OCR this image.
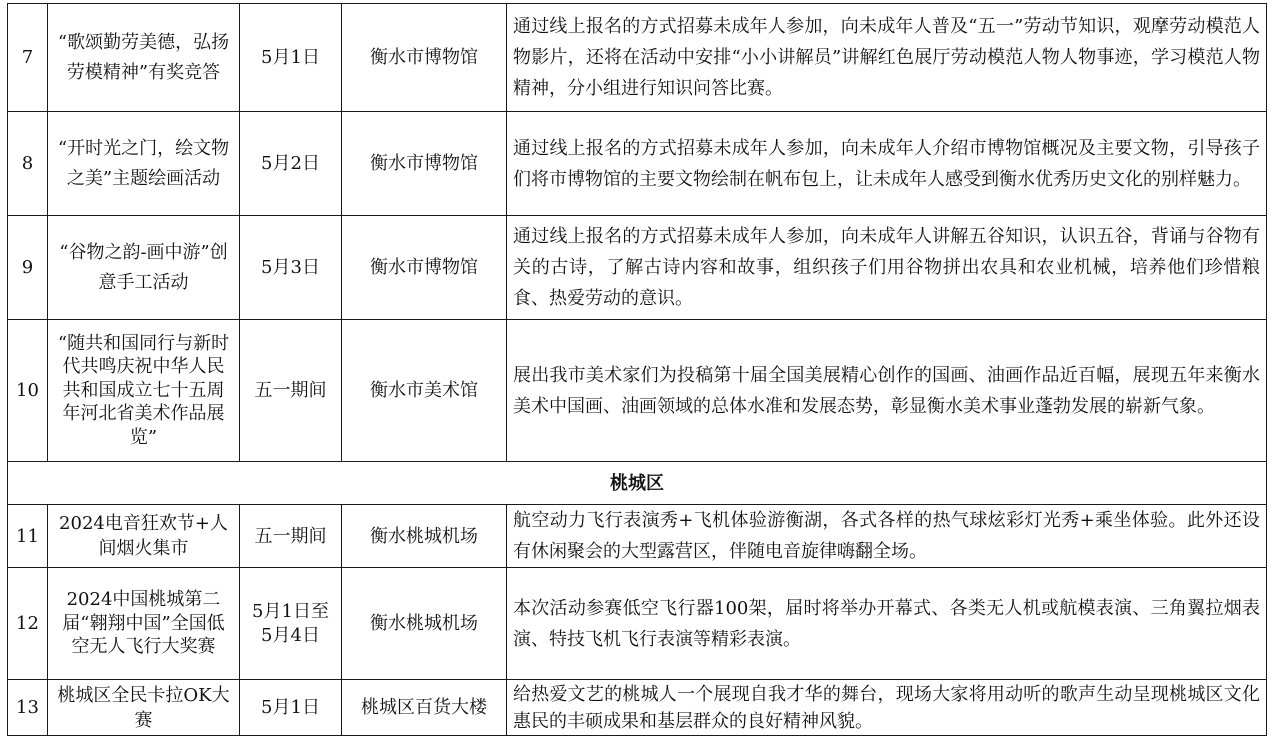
7	“歌颂勤劳美德，弘扬劳模精神”有奖竞答	5月1日	衡水市博物馆	通过线上报名的方式招募未成年人参加，向未成年人普及“五一”劳动节知识，观摩劳动模范人物影片，还将在活动中安排“小小讲解员”讲解红色展厅劳动模范人物人物事迹，学习模范人物精神，分小组进行知识问答比赛。
8	“开时光之门，绘文物之美”主题绘画活动	5月2日	衡水市博物馆	通过线上报名的方式招募未成年人参加，向未成年人介绍市博物馆概况及主要文物，引导孩子们将市博物馆的主要文物绘制在帆布包上，让未成年人感受到衡水优秀历史文化的别样魅力。
9	“谷物之韵-画中游”创意手工活动	5月3日	衡水市博物馆	通过线上报名的方式招募未成年人参加，向未成年人讲解五谷知识，认识五谷，背诵与谷物有关的古诗，了解古诗内容和故事，组织孩子们用谷物拼出农具和农业机械，培养他们珍惜粮食、热爱劳动的意识。
10	“随共和国同行与新时代共鸣庆祝中华人民共和国成立七十五周年河北省美术作品展览”	五一期间	衡水市美术馆	展出我市美术家们为投稿第十届全国美展精心创作的国画、油画作品近百幅，展现五年来衡水美术中国画、油画领域的总体水准和发展态势，彰显衡水美术事业蓬勃发展的崭新气象。
桃城区				
11	2024电音狂欢节+人间烟火集市	五一期间	衡水桃城机场	航空动力飞行表演秀+飞机体验游衡湖，各式各样的热气球炫彩灯光秀+乘坐体验。此外还设有休闲聚会的大型露营区，伴随电音旋律嗨翻全场。
12	2024中国桃城第二届“翱翔中国”全国低空无人飞行大奖赛	5月1日至5月4日	衡水桃城机场	本次活动参赛低空飞行器100架，届时将举办开幕式、各类无人机或航模表演、三角翼拉烟表演、特技飞机飞行表演等精彩表演。
13	桃城区全民卡拉OK大赛	5月1日	桃城区百货大楼	给热爱文艺的桃城人一个展现自我才华的舞台，现场大家将用动听的歌声生动呈现桃城区文化惠民的丰硕成果和基层群众的良好精神风貌。
